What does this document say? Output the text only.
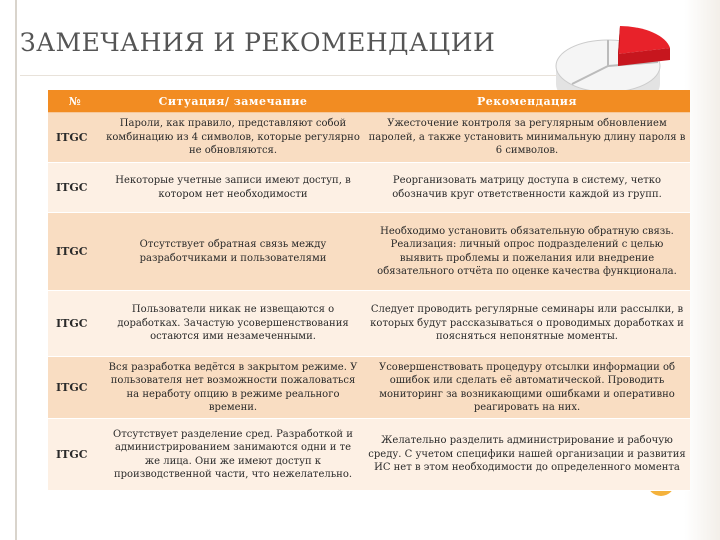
ЗАМЕЧАНИЯ И РЕКОМЕНДАЦИИ
№	Ситуация/ замечание	Рекомендация
ITGC	Пароли, как правило, представляют собой комбинацию из 4 символов, которые регулярно не обновляются.	Ужесточение контроля за регулярным обновлением паролей, а также установить минимальную длину пароля в 6 символов.
ITGC	Некоторые учетные записи имеют доступ, в котором нет необходимости	Реорганизовать матрицу доступа в систему, четко обозначив круг ответственности каждой из групп.
ITGC	Отсутствует обратная связь между разработчиками и пользователями	Необходимо установить обязательную обратную связь. Реализация: личный опрос подразделений с целью выявить проблемы и пожелания или внедрение обязательного отчёта по оценке качества функционала.
ITGC	Пользователи никак не извещаются о доработках. Зачастую усовершенствования остаются ими незамеченными.	Следует проводить регулярные семинары или рассылки, в которых будут рассказываться о проводимых доработках и поясняться непонятные моменты.
ITGC	Вся разработка ведётся в закрытом режиме. У пользователя нет возможности пожаловаться на неработу опцию в режиме реального времени.	Усовершенствовать процедуру отсылки информации об ошибок или сделать её автоматической. Проводить мониторинг за возникающими ошибками и оперативно реагировать на них.
ITGC	Отсутствует разделение сред. Разработкой и администрированием занимаются одни и те же лица. Они же имеют доступ к производственной части, что нежелательно.	Желательно разделить администрирование и рабочую среду. С учетом специфики нашей организации и развития ИС нет в этом необходимости до определенного момента
